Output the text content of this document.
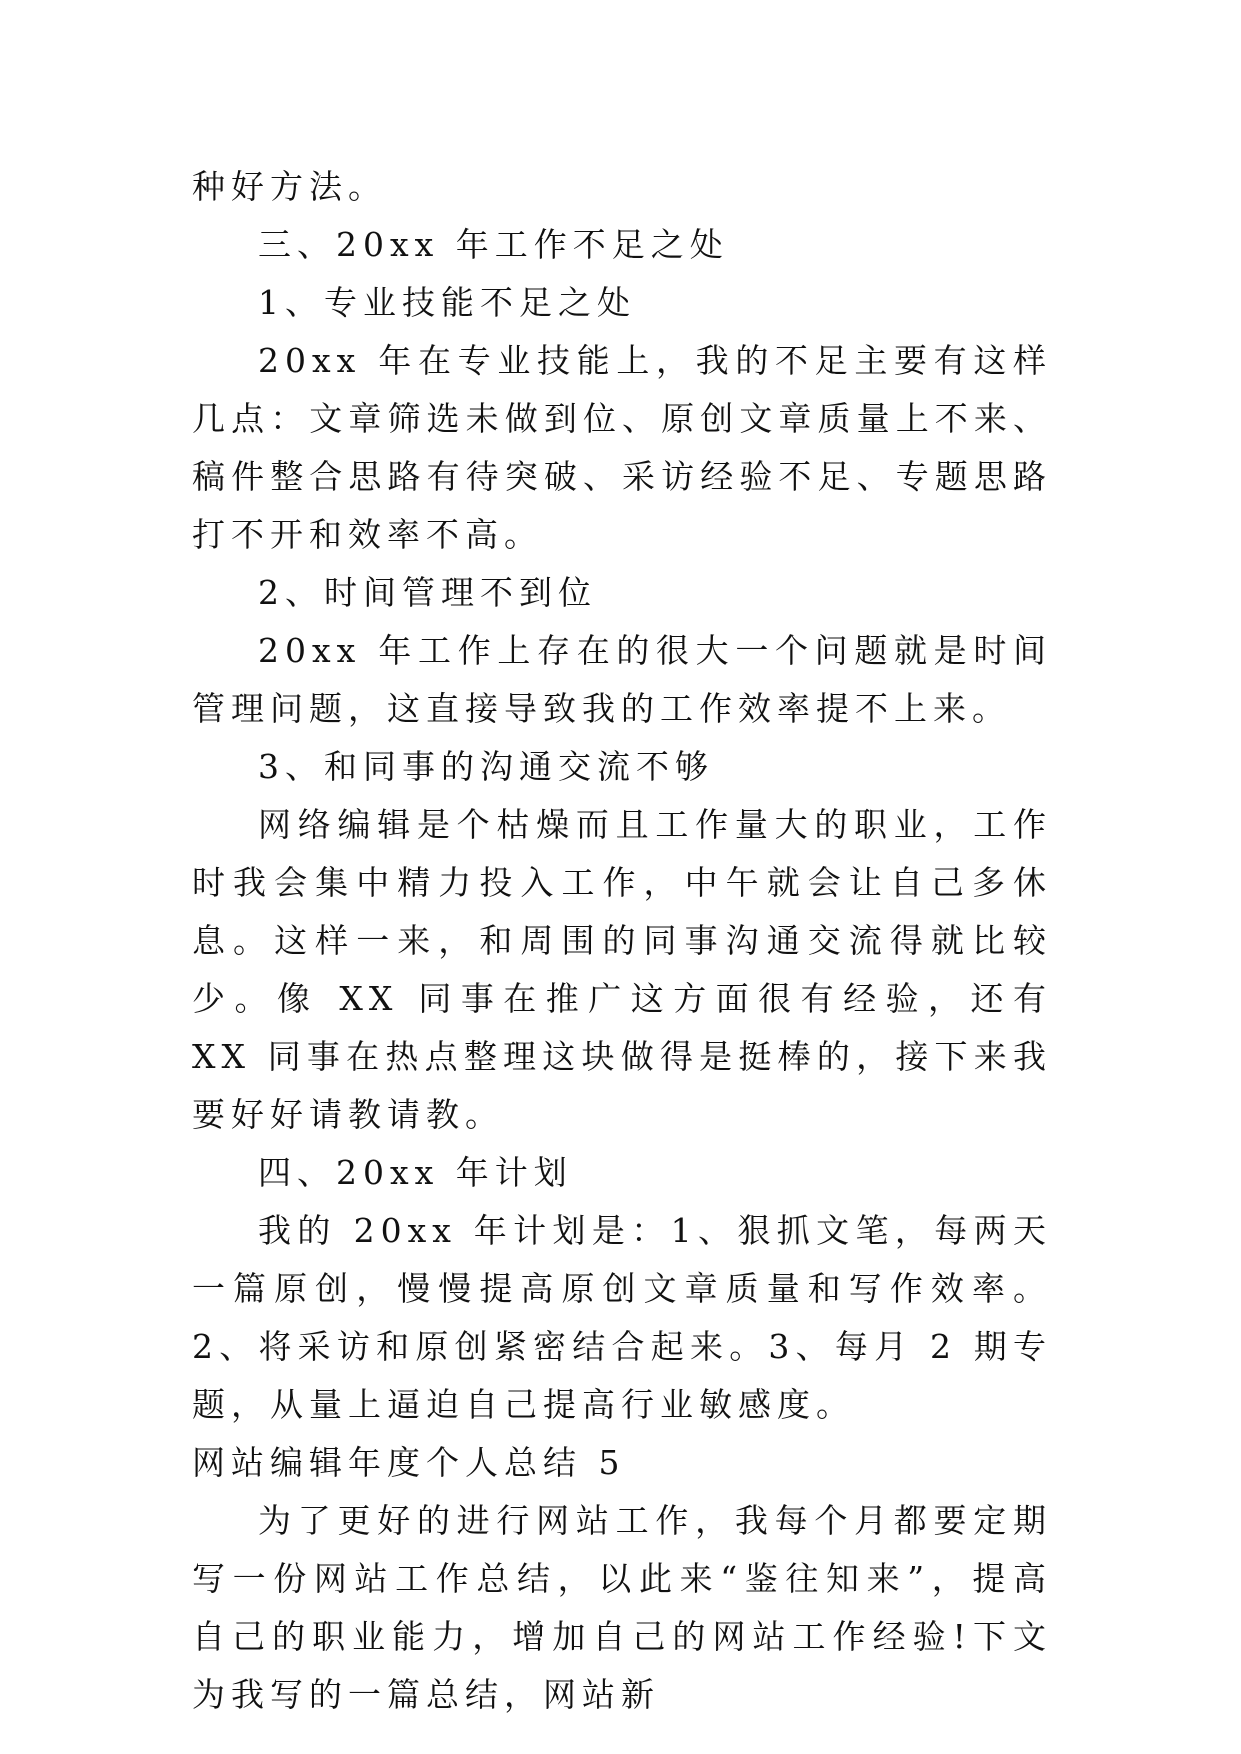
种好方法。

三、20xx 年工作不足之处

1、专业技能不足之处

20xx 年在专业技能上，我的不足主要有这样几点：文章筛选未做到位、原创文章质量上不来、稿件整合思路有待突破、采访经验不足、专题思路打不开和效率不高。

2、时间管理不到位

20xx 年工作上存在的很大一个问题就是时间管理问题，这直接导致我的工作效率提不上来。

3、和同事的沟通交流不够

网络编辑是个枯燥而且工作量大的职业，工作时我会集中精力投入工作，中午就会让自己多休息。这样一来，和周围的同事沟通交流得就比较少。像 XX 同事在推广这方面很有经验，还有 XX 同事在热点整理这块做得是挺棒的，接下来我要好好请教请教。

四、20xx 年计划

我的 20xx 年计划是：1、狠抓文笔，每两天一篇原创，慢慢提高原创文章质量和写作效率。2、将采访和原创紧密结合起来。3、每月 2 期专题，从量上逼迫自己提高行业敏感度。

网站编辑年度个人总结 5

为了更好的进行网站工作，我每个月都要定期写一份网站工作总结，以此来“鉴往知来”，提高自己的职业能力，增加自己的网站工作经验!下文为我写的一篇总结，网站新
